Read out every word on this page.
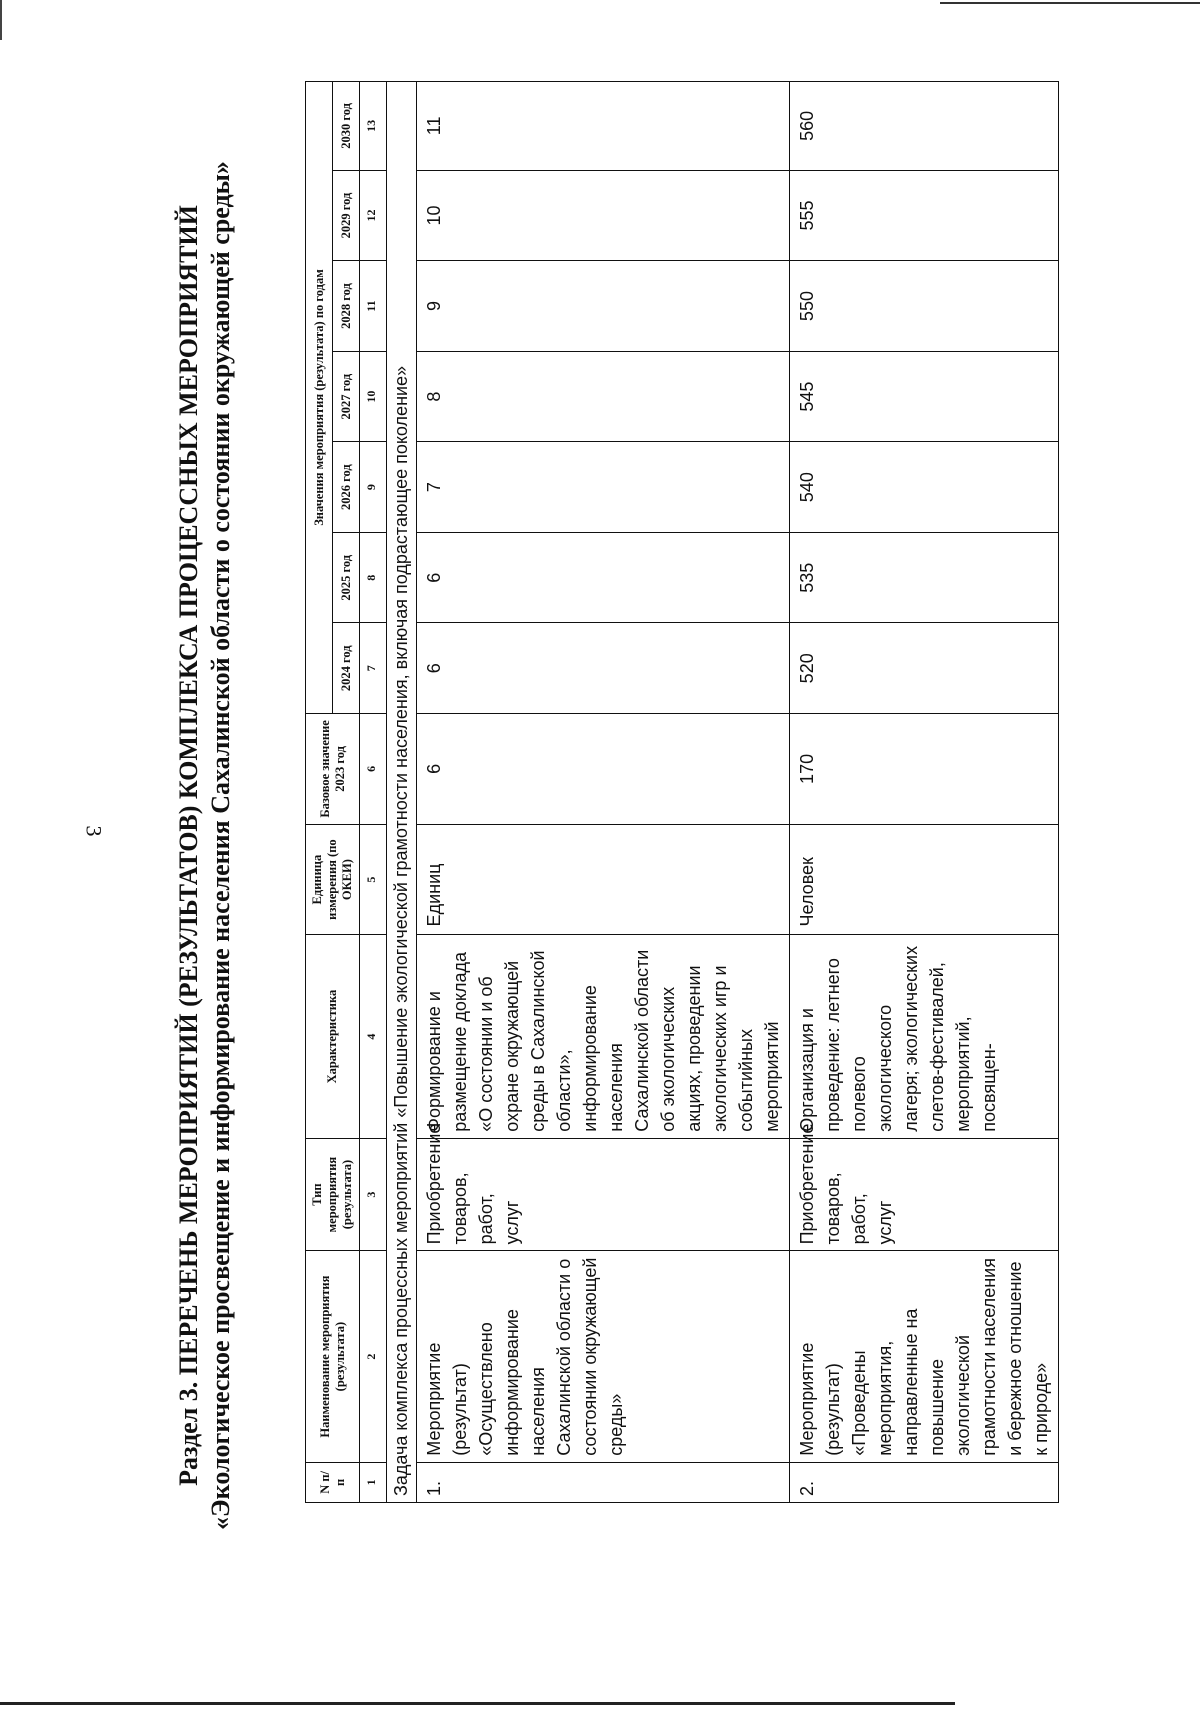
3	Раздел 3. ПЕРЕЧЕНЬ МЕРОПРИЯТИЙ (РЕЗУЛЬТАТОВ) КОМПЛЕКСА ПРОЦЕССНЫХ МЕРОПРИЯТИЙ «Экологическое просвещение и информирование населения Сахалинской области о состоянии окружающей среды»	N п/п	Наименование мероприятия (результата)	Тип мероприятия (результата)	Характеристика	Единица измерения (по ОКЕИ)	Базовое значение 2023 год	Значения мероприятия (результата) по годам						
						2024 год	2025 год	2026 год	2027 год	2028 год	2029 год	2030 год
1	2	3	4	5	6	7	8	9	10	11	12	13
Задача комплекса процессных мероприятий «Повышение экологической грамотности населения, включая подрастающее поколение»												
1.	Мероприятие (результат) «Осуществлено информирование населения Сахалинской области о состоянии окружающей среды»	Приобретение товаров, работ, услуг	Формирование и размещение доклада «О состоянии и об охране окружающей среды в Сахалинской области», информирование населения Сахалинской области об экологических акциях, проведении экологических игр и событийных мероприятий	Единиц	6	6	6	7	8	9	10	11
2.	Мероприятие (результат) «Проведены мероприятия, направленные на повышение экологической грамотности населения и бережное отношение к природе»	Приобретение товаров, работ, услуг	Организация и проведение: летнего полевого экологического лагеря; экологических слетов-фестивалей, мероприятий, посвящен-	Человек	170	520	535	540	545	550	555	560
